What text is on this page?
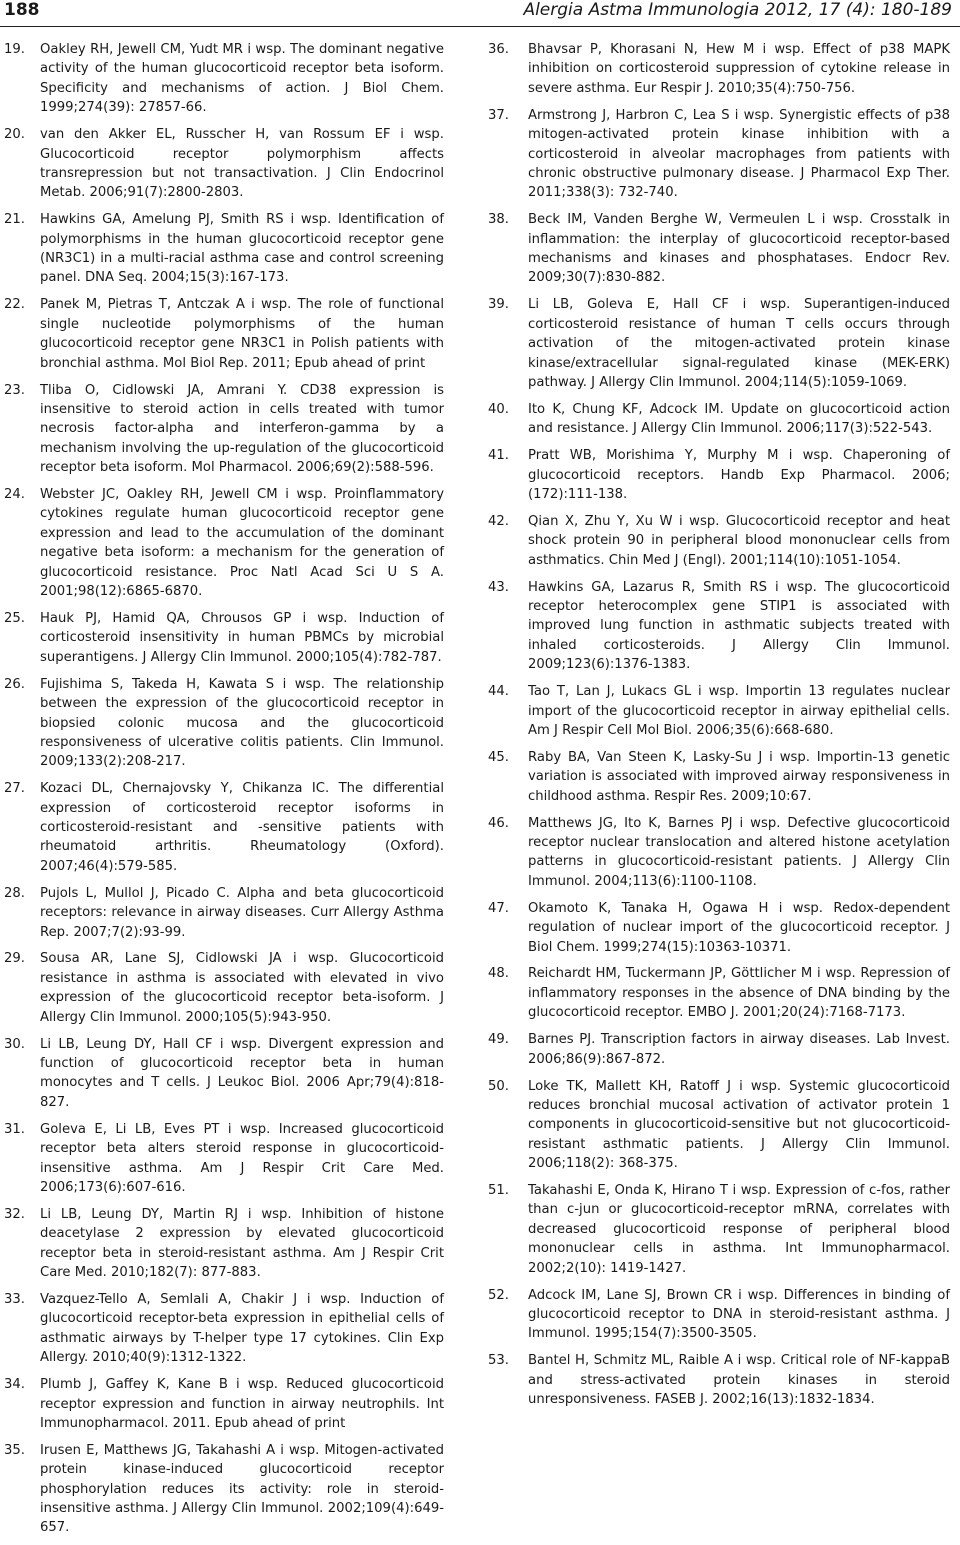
188	Alergia Astma Immunologia 2012, 17 (4): 180-189
19.	Oakley RH, Jewell CM, Yudt MR i wsp. The dominant negative activity of the human glucocorticoid receptor beta isoform. Specificity and mechanisms of action. J Biol Chem. 1999;274(39): 27857-66.
20.	van den Akker EL, Russcher H, van Rossum EF i wsp. Glucocorticoid receptor polymorphism affects transrepression but not transactivation. J Clin Endocrinol Metab. 2006;91(7):2800-2803.
21.	Hawkins GA, Amelung PJ, Smith RS i wsp. Identification of polymorphisms in the human glucocorticoid receptor gene (NR3C1) in a multi-racial asthma case and control screening panel. DNA Seq. 2004;15(3):167-173.
22.	Panek M, Pietras T, Antczak A i wsp. The role of functional single nucleotide polymorphisms of the human glucocorticoid receptor gene NR3C1 in Polish patients with bronchial asthma. Mol Biol Rep. 2011; Epub ahead of print
23.	Tliba O, Cidlowski JA, Amrani Y. CD38 expression is insensitive to steroid action in cells treated with tumor necrosis factor-alpha and interferon-gamma by a mechanism involving the up-regulation of the glucocorticoid receptor beta isoform. Mol Pharmacol. 2006;69(2):588-596.
24.	Webster JC, Oakley RH, Jewell CM i wsp. Proinflammatory cytokines regulate human glucocorticoid receptor gene expression and lead to the accumulation of the dominant negative beta isoform: a mechanism for the generation of glucocorticoid resistance. Proc Natl Acad Sci U S A. 2001;98(12):6865-6870.
25.	Hauk PJ, Hamid QA, Chrousos GP i wsp. Induction of corticosteroid insensitivity in human PBMCs by microbial superantigens. J Allergy Clin Immunol. 2000;105(4):782-787.
26.	Fujishima S, Takeda H, Kawata S i wsp. The relationship between the expression of the glucocorticoid receptor in biopsied colonic mucosa and the glucocorticoid responsiveness of ulcerative colitis patients. Clin Immunol. 2009;133(2):208-217.
27.	Kozaci DL, Chernajovsky Y, Chikanza IC. The differential expression of corticosteroid receptor isoforms in corticosteroid-resistant and -sensitive patients with rheumatoid arthritis. Rheumatology (Oxford). 2007;46(4):579-585.
28.	Pujols L, Mullol J, Picado C. Alpha and beta glucocorticoid receptors: relevance in airway diseases. Curr Allergy Asthma Rep. 2007;7(2):93-99.
29.	Sousa AR, Lane SJ, Cidlowski JA i wsp. Glucocorticoid resistance in asthma is associated with elevated in vivo expression of the glucocorticoid receptor beta-isoform. J Allergy Clin Immunol. 2000;105(5):943-950.
30.	Li LB, Leung DY, Hall CF i wsp. Divergent expression and function of glucocorticoid receptor beta in human monocytes and T cells. J Leukoc Biol. 2006 Apr;79(4):818-827.
31.	Goleva E, Li LB, Eves PT i wsp. Increased glucocorticoid receptor beta alters steroid response in glucocorticoid-insensitive asthma. Am J Respir Crit Care Med. 2006;173(6):607-616.
32.	Li LB, Leung DY, Martin RJ i wsp. Inhibition of histone deacetylase 2 expression by elevated glucocorticoid receptor beta in steroid-resistant asthma. Am J Respir Crit Care Med. 2010;182(7): 877-883.
33.	Vazquez-Tello A, Semlali A, Chakir J i wsp. Induction of glucocorticoid receptor-beta expression in epithelial cells of asthmatic airways by T-helper type 17 cytokines. Clin Exp Allergy. 2010;40(9):1312-1322.
34.	Plumb J, Gaffey K, Kane B i wsp. Reduced glucocorticoid receptor expression and function in airway neutrophils. Int Immunopharmacol. 2011. Epub ahead of print
35.	Irusen E, Matthews JG, Takahashi A i wsp. Mitogen-activated protein kinase-induced glucocorticoid receptor phosphorylation reduces its activity: role in steroid-insensitive asthma. J Allergy Clin Immunol. 2002;109(4):649-657.
36.	Bhavsar P, Khorasani N, Hew M i wsp. Effect of p38 MAPK inhibition on corticosteroid suppression of cytokine release in severe asthma. Eur Respir J. 2010;35(4):750-756.
37.	Armstrong J, Harbron C, Lea S i wsp. Synergistic effects of p38 mitogen-activated protein kinase inhibition with a corticosteroid in alveolar macrophages from patients with chronic obstructive pulmonary disease. J Pharmacol Exp Ther. 2011;338(3): 732-740.
38.	Beck IM, Vanden Berghe W, Vermeulen L i wsp. Crosstalk in inflammation: the interplay of glucocorticoid receptor-based mechanisms and kinases and phosphatases. Endocr Rev. 2009;30(7):830-882.
39.	Li LB, Goleva E, Hall CF i wsp. Superantigen-induced corticosteroid resistance of human T cells occurs through activation of the mitogen-activated protein kinase kinase/extracellular signal-regulated kinase (MEK-ERK) pathway. J Allergy Clin Immunol. 2004;114(5):1059-1069.
40.	Ito K, Chung KF, Adcock IM. Update on glucocorticoid action and resistance. J Allergy Clin Immunol. 2006;117(3):522-543.
41.	Pratt WB, Morishima Y, Murphy M i wsp. Chaperoning of glucocorticoid receptors. Handb Exp Pharmacol. 2006;(172):111-138.
42.	Qian X, Zhu Y, Xu W i wsp. Glucocorticoid receptor and heat shock protein 90 in peripheral blood mononuclear cells from asthmatics. Chin Med J (Engl). 2001;114(10):1051-1054.
43.	Hawkins GA, Lazarus R, Smith RS i wsp. The glucocorticoid receptor heterocomplex gene STIP1 is associated with improved lung function in asthmatic subjects treated with inhaled corticosteroids. J Allergy Clin Immunol. 2009;123(6):1376-1383.
44.	Tao T, Lan J, Lukacs GL i wsp. Importin 13 regulates nuclear import of the glucocorticoid receptor in airway epithelial cells. Am J Respir Cell Mol Biol. 2006;35(6):668-680.
45.	Raby BA, Van Steen K, Lasky-Su J i wsp. Importin-13 genetic variation is associated with improved airway responsiveness in childhood asthma. Respir Res. 2009;10:67.
46.	Matthews JG, Ito K, Barnes PJ i wsp. Defective glucocorticoid receptor nuclear translocation and altered histone acetylation patterns in glucocorticoid-resistant patients. J Allergy Clin Immunol. 2004;113(6):1100-1108.
47.	Okamoto K, Tanaka H, Ogawa H i wsp. Redox-dependent regulation of nuclear import of the glucocorticoid receptor. J Biol Chem. 1999;274(15):10363-10371.
48.	Reichardt HM, Tuckermann JP, Göttlicher M i wsp. Repression of inflammatory responses in the absence of DNA binding by the glucocorticoid receptor. EMBO J. 2001;20(24):7168-7173.
49.	Barnes PJ. Transcription factors in airway diseases. Lab Invest. 2006;86(9):867-872.
50.	Loke TK, Mallett KH, Ratoff J i wsp. Systemic glucocorticoid reduces bronchial mucosal activation of activator protein 1 components in glucocorticoid-sensitive but not glucocorticoid-resistant asthmatic patients. J Allergy Clin Immunol. 2006;118(2): 368-375.
51.	Takahashi E, Onda K, Hirano T i wsp. Expression of c-fos, rather than c-jun or glucocorticoid-receptor mRNA, correlates with decreased glucocorticoid response of peripheral blood mononuclear cells in asthma. Int Immunopharmacol. 2002;2(10): 1419-1427.
52.	Adcock IM, Lane SJ, Brown CR i wsp. Differences in binding of glucocorticoid receptor to DNA in steroid-resistant asthma. J Immunol. 1995;154(7):3500-3505.
53.	Bantel H, Schmitz ML, Raible A i wsp. Critical role of NF-kappaB and stress-activated protein kinases in steroid unresponsiveness. FASEB J. 2002;16(13):1832-1834.
